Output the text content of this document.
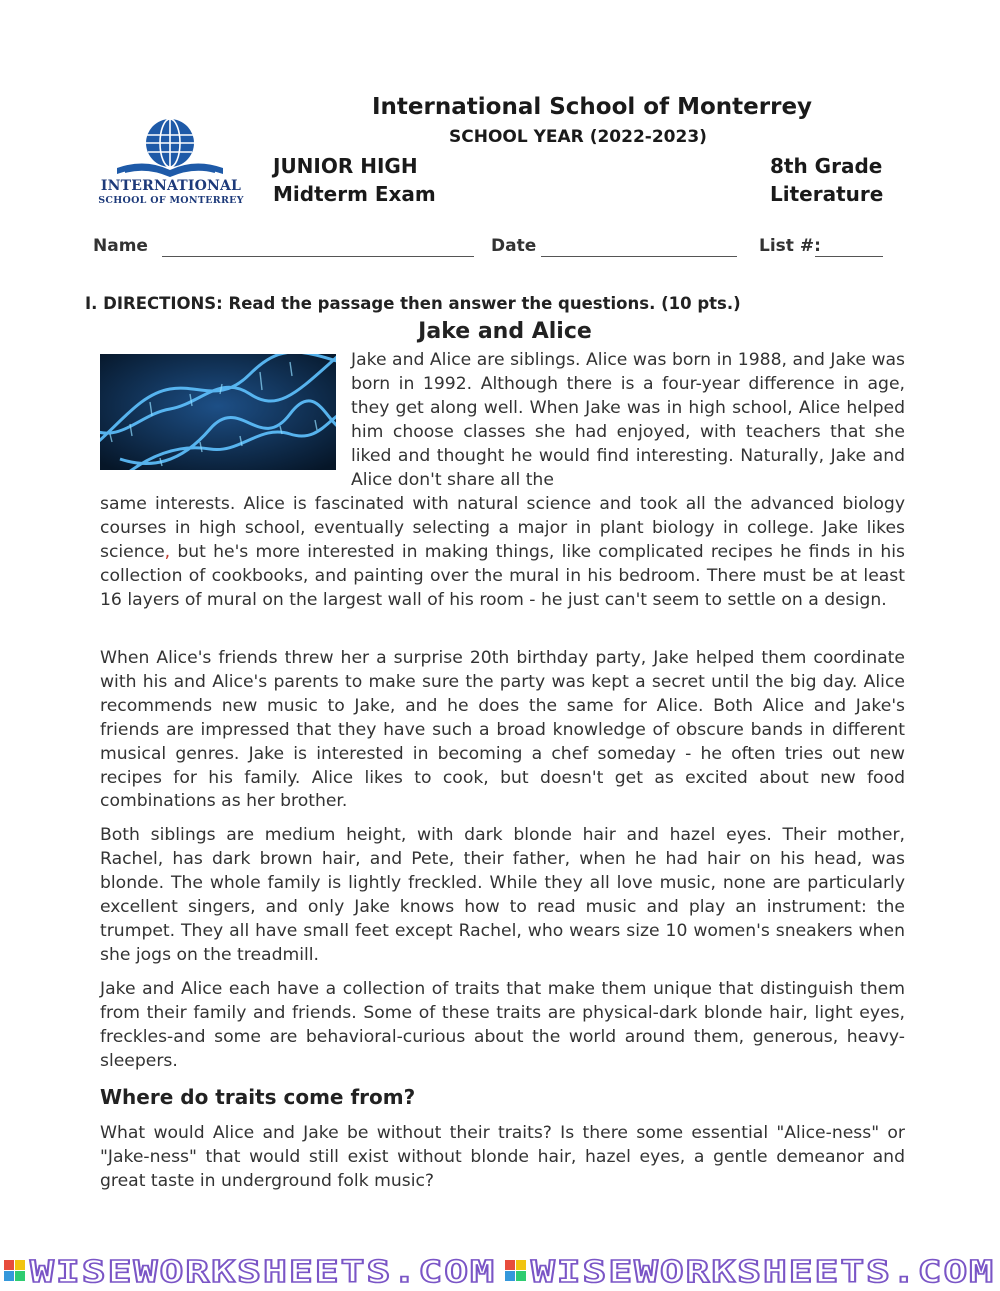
International School of Monterrey
SCHOOL YEAR (2022-2023)
JUNIOR HIGH
Midterm Exam
8th Grade
Literature
INTERNATIONAL
SCHOOL OF MONTERREY
Name	Date	List #:
I. DIRECTIONS: Read the passage then answer the questions. (10 pts.)
Jake and Alice
Jake and Alice are siblings. Alice was born in 1988, and Jake was born in 1992. Although there is a four-year difference in age, they get along well. When Jake was in high school, Alice helped him choose classes she had enjoyed, with teachers that she liked and thought he would find interesting. Naturally, Jake and Alice don't share all the
same interests. Alice is fascinated with natural science and took all the advanced biology courses in high school, eventually selecting a major in plant biology in college. Jake likes science, but he's more interested in making things, like complicated recipes he finds in his collection of cookbooks, and painting over the mural in his bedroom. There must be at least 16 layers of mural on the largest wall of his room - he just can't seem to settle on a design.
When Alice's friends threw her a surprise 20th birthday party, Jake helped them coordinate with his and Alice's parents to make sure the party was kept a secret until the big day. Alice recommends new music to Jake, and he does the same for Alice. Both Alice and Jake's friends are impressed that they have such a broad knowledge of obscure bands in different musical genres. Jake is interested in becoming a chef someday - he often tries out new recipes for his family. Alice likes to cook, but doesn't get as excited about new food combinations as her brother.
Both siblings are medium height, with dark blonde hair and hazel eyes. Their mother, Rachel, has dark brown hair, and Pete, their father, when he had hair on his head, was blonde. The whole family is lightly freckled. While they all love music, none are particularly excellent singers, and only Jake knows how to read music and play an instrument: the trumpet. They all have small feet except Rachel, who wears size 10 women's sneakers when she jogs on the treadmill.
Jake and Alice each have a collection of traits that make them unique that distinguish them from their family and friends. Some of these traits are physical-dark blonde hair, light eyes, freckles-and some are behavioral-curious about the world around them, generous, heavy-sleepers.
Where do traits come from?
What would Alice and Jake be without their traits? Is there some essential "Alice-ness" or "Jake-ness" that would still exist without blonde hair, hazel eyes, a gentle demeanor and great taste in underground folk music?
WISEWORKSHEETS.COM WISEWORKSHEETS.COM
